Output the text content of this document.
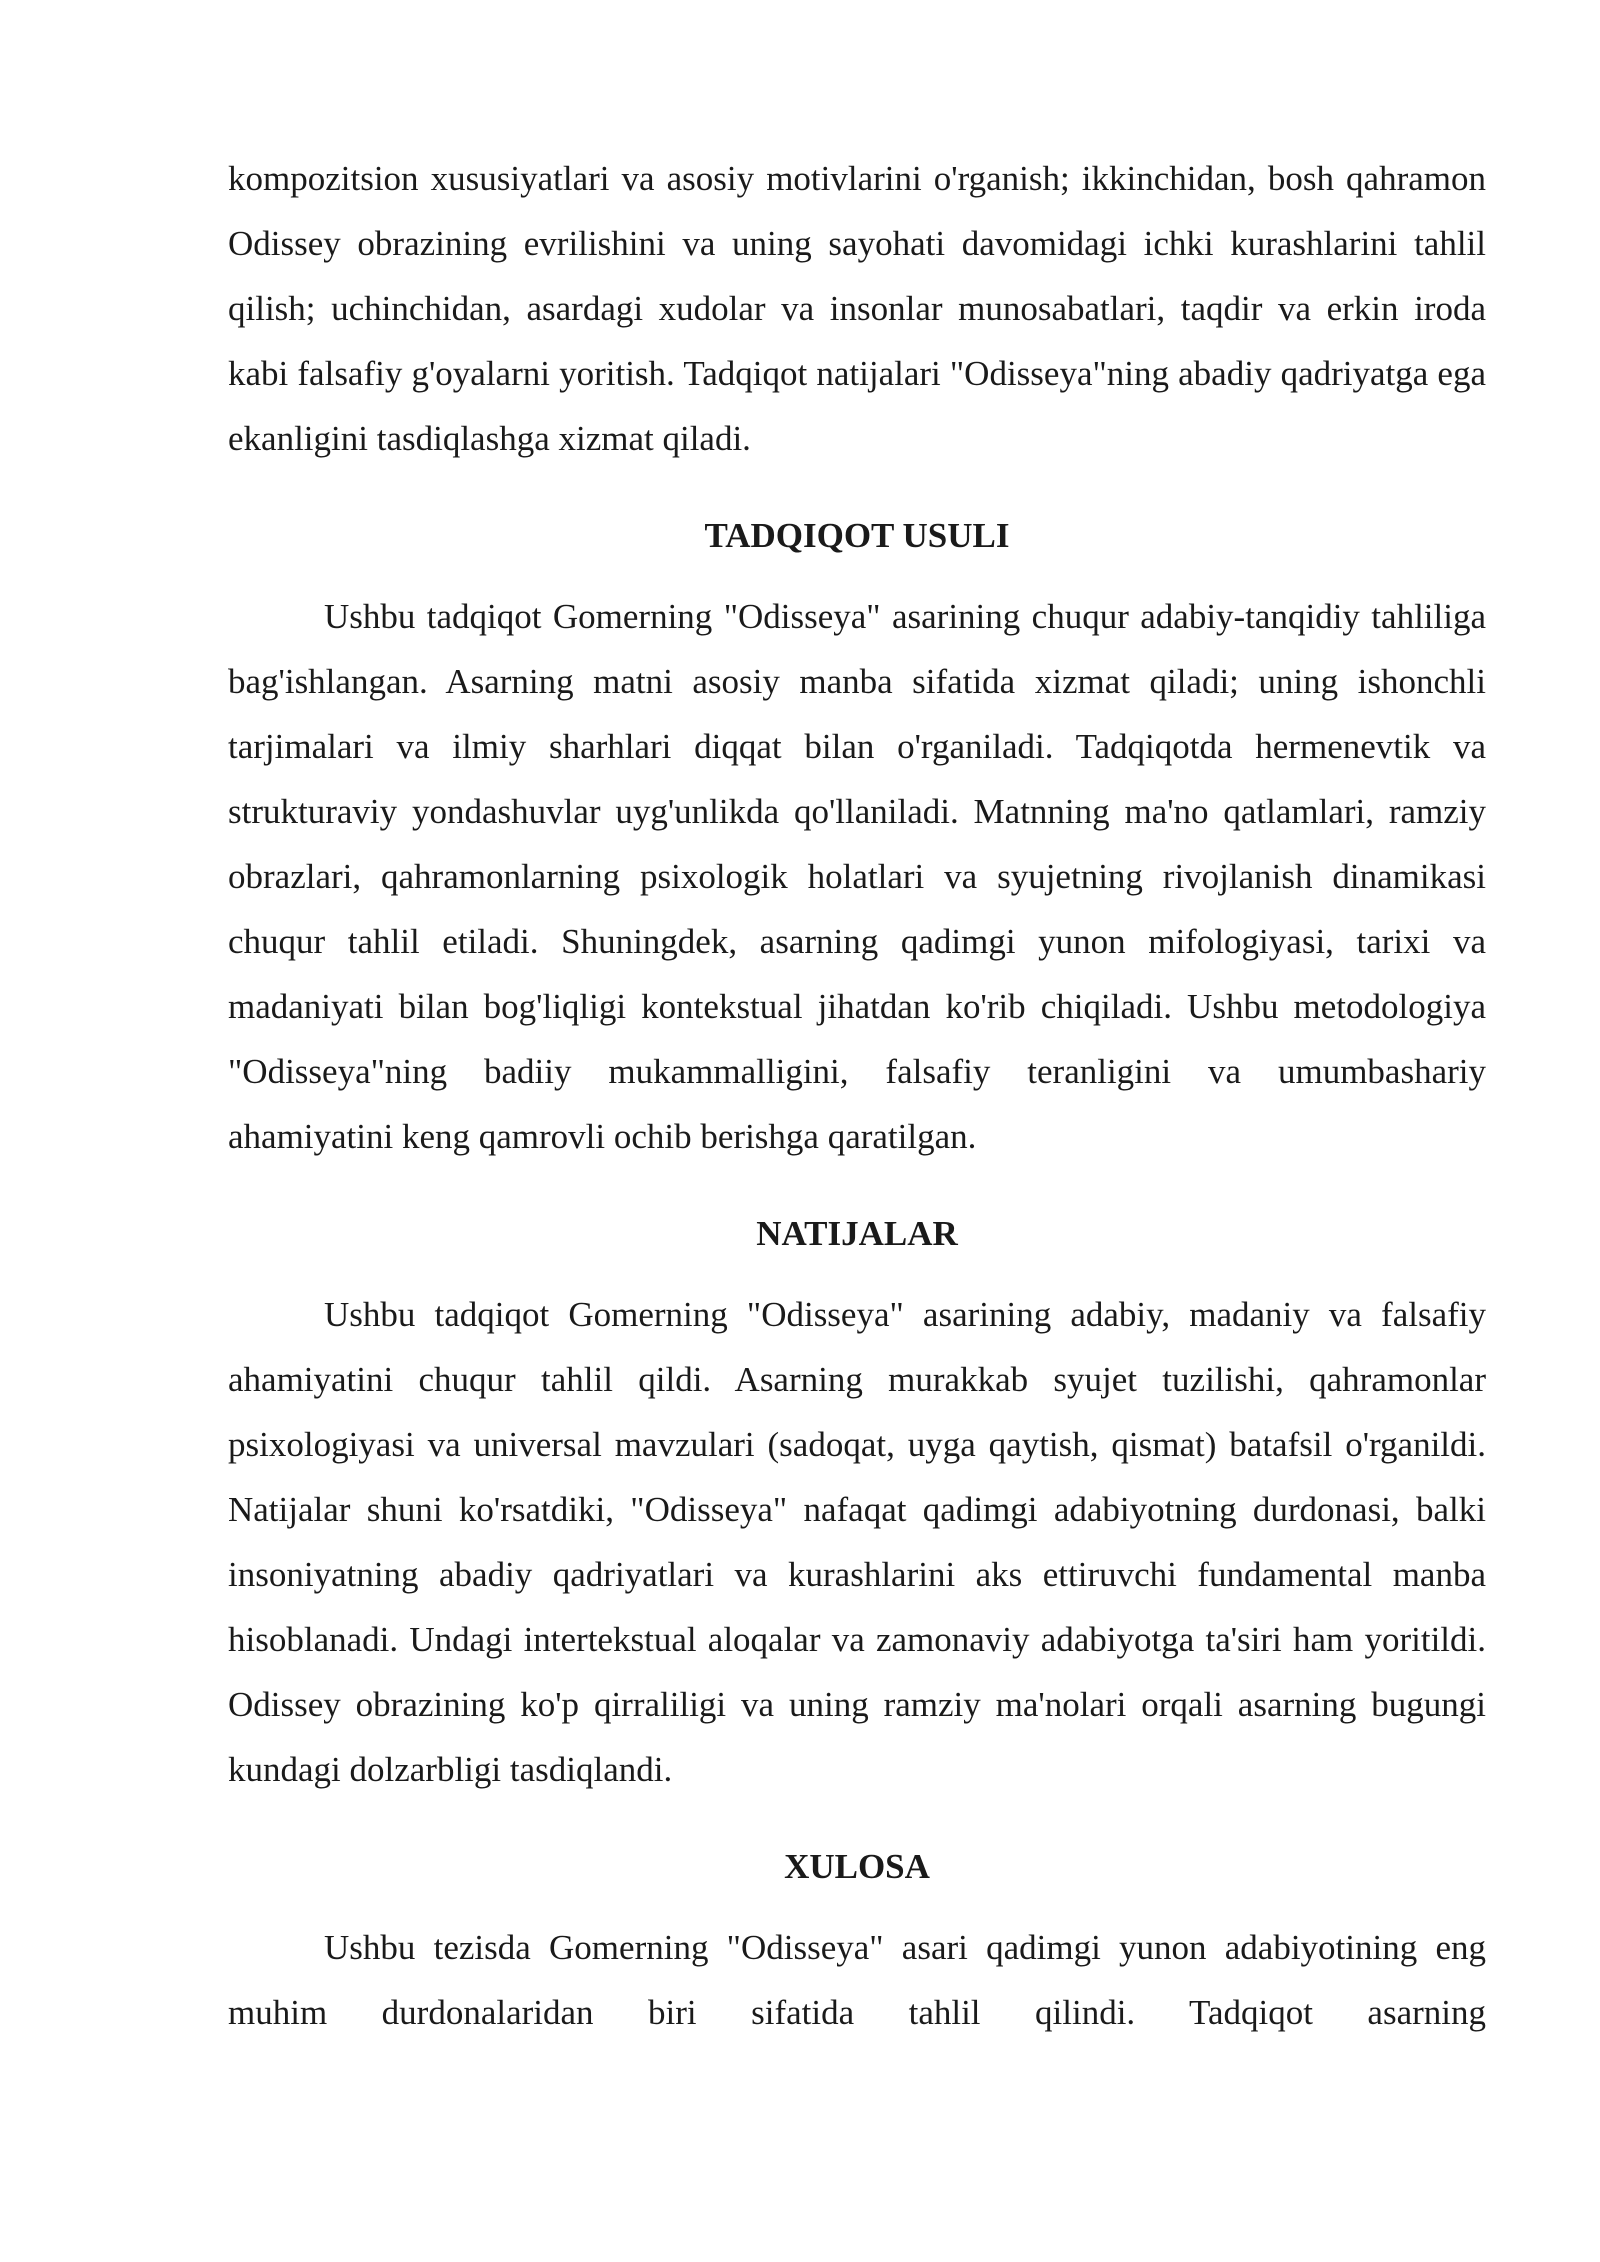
kompozitsion xususiyatlari va asosiy motivlarini o'rganish; ikkinchidan, bosh qahramon Odissey obrazining evrilishini va uning sayohati davomidagi ichki kurashlarini tahlil qilish; uchinchidan, asardagi xudolar va insonlar munosabatlari, taqdir va erkin iroda kabi falsafiy g'oyalarni yoritish. Tadqiqot natijalari "Odisseya"ning abadiy qadriyatga ega ekanligini tasdiqlashga xizmat qiladi.

TADQIQOT USULI

Ushbu tadqiqot Gomerning "Odisseya" asarining chuqur adabiy-tanqidiy tahliliga bag'ishlangan. Asarning matni asosiy manba sifatida xizmat qiladi; uning ishonchli tarjimalari va ilmiy sharhlari diqqat bilan o'rganiladi. Tadqiqotda hermenevtik va strukturaviy yondashuvlar uyg'unlikda qo'llaniladi. Matnning ma'no qatlamlari, ramziy obrazlari, qahramonlarning psixologik holatlari va syujetning rivojlanish dinamikasi chuqur tahlil etiladi. Shuningdek, asarning qadimgi yunon mifologiyasi, tarixi va madaniyati bilan bog'liqligi kontekstual jihatdan ko'rib chiqiladi. Ushbu metodologiya "Odisseya"ning badiiy mukammalligini, falsafiy teranligini va umumbashariy ahamiyatini keng qamrovli ochib berishga qaratilgan.

NATIJALAR

Ushbu tadqiqot Gomerning "Odisseya" asarining adabiy, madaniy va falsafiy ahamiyatini chuqur tahlil qildi. Asarning murakkab syujet tuzilishi, qahramonlar psixologiyasi va universal mavzulari (sadoqat, uyga qaytish, qismat) batafsil o'rganildi. Natijalar shuni ko'rsatdiki, "Odisseya" nafaqat qadimgi adabiyotning durdonasi, balki insoniyatning abadiy qadriyatlari va kurashlarini aks ettiruvchi fundamental manba hisoblanadi. Undagi intertekstual aloqalar va zamonaviy adabiyotga ta'siri ham yoritildi. Odissey obrazining ko'p qirraliligi va uning ramziy ma'nolari orqali asarning bugungi kundagi dolzarbligi tasdiqlandi.

XULOSA

Ushbu tezisda Gomerning "Odisseya" asari qadimgi yunon adabiyotining eng muhim durdonalaridan biri sifatida tahlil qilindi. Tadqiqot asarning
